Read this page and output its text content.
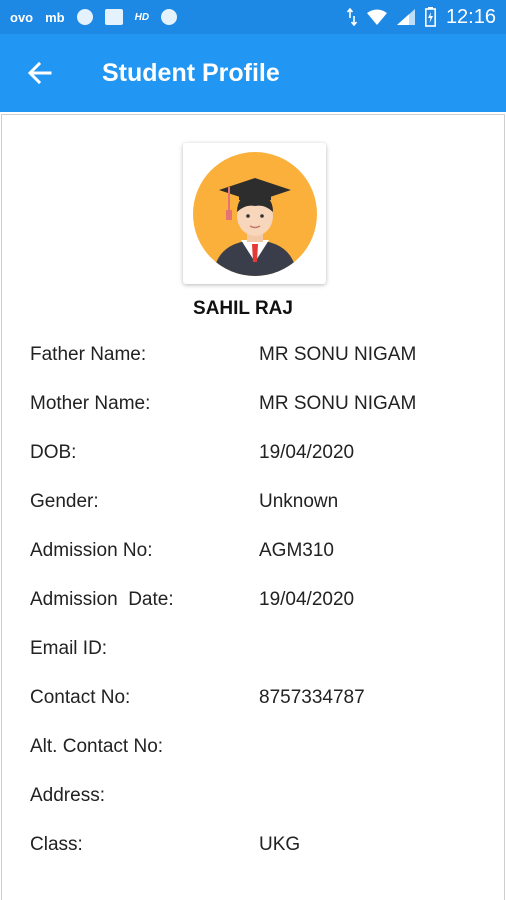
ovo mb	HD	12:16
Student Profile
SAHIL RAJ
Father Name:	MR SONU NIGAM
Mother Name:	MR SONU NIGAM
DOB:	19/04/2020
Gender:	Unknown
Admission No:	AGM310
Admission  Date:	19/04/2020
Email ID:
Contact No:	8757334787
Alt. Contact No:
Address:
Class:	UKG
